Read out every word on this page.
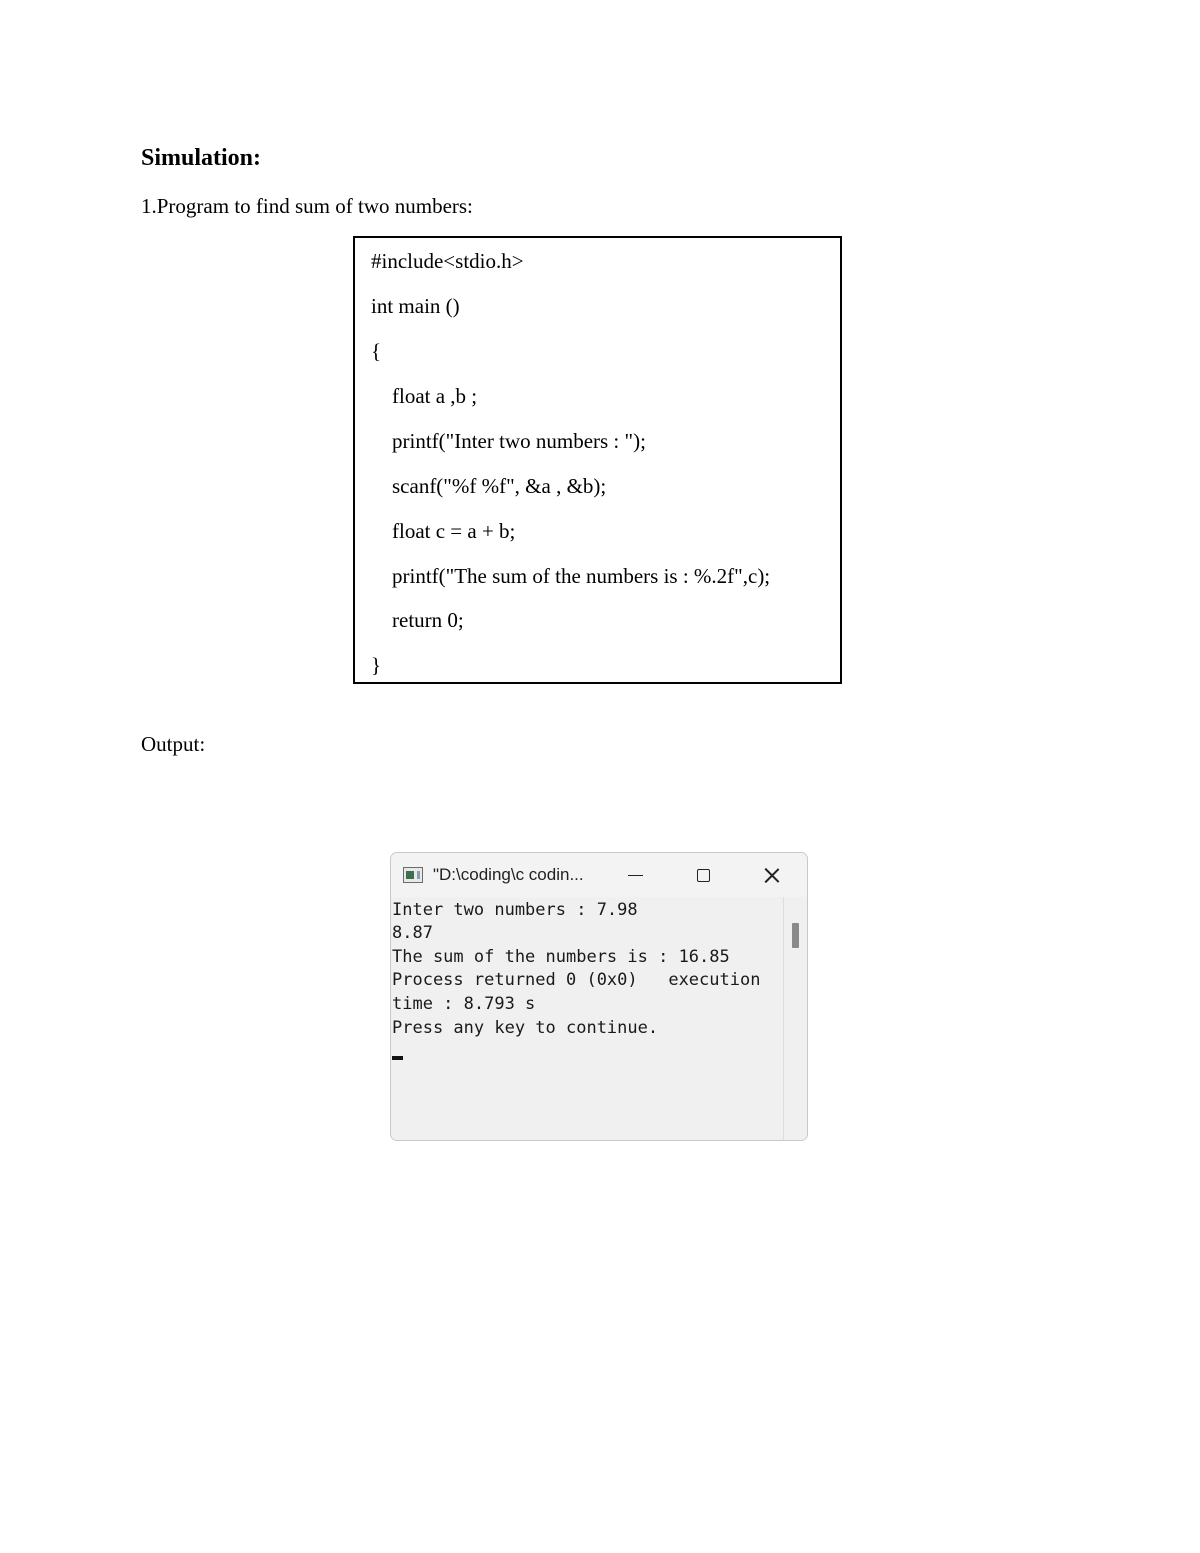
Simulation:
1.Program to find sum of two numbers:
#include<stdio.h>
int main ()
{
float a ,b ;
printf("Inter two numbers : ");
scanf("%f %f", &a , &b);
float c = a + b;
printf("The sum of the numbers is : %.2f",c);
return 0;
}
Output:
"D:\coding\c codin...
Inter two numbers : 7.98
8.87
The sum of the numbers is : 16.85
Process returned 0 (0x0)   execution
time : 8.793 s
Press any key to continue.
